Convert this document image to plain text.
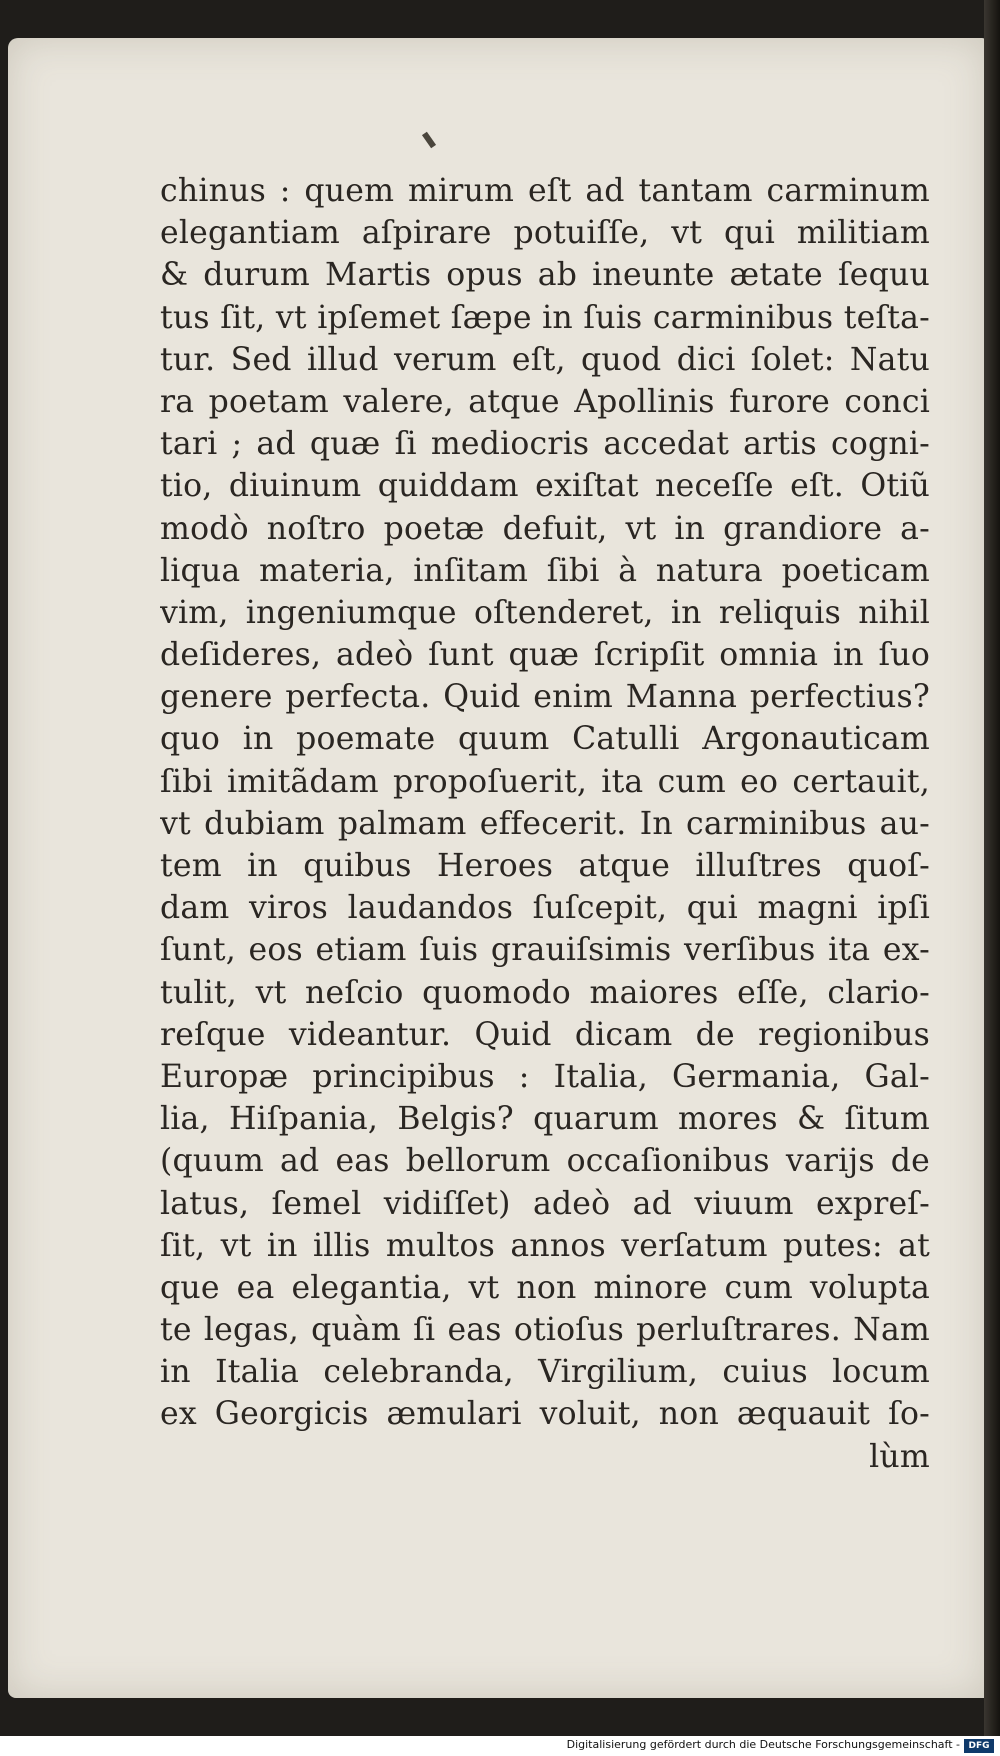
chinus : quem mirum eſt ad tantam carminum
elegantiam aſpirare potuiſſe, vt qui militiam
& durum Martis opus ab ineunte ætate ſequu
tus ſit, vt ipſemet ſæpe in ſuis carminibus teſta-
tur. Sed illud verum eſt, quod dici ſolet: Natu
ra poetam valere, atque Apollinis furore conci
tari ; ad quæ ſi mediocris accedat artis cogni-
tio, diuinum quiddam exiſtat neceſſe eſt. Otiũ
modò noſtro poetæ defuit, vt in grandiore a-
liqua materia, inſitam ſibi à natura poeticam
vim, ingeniumque oſtenderet, in reliquis nihil
deſideres, adeò ſunt quæ ſcripſit omnia in ſuo
genere perfecta. Quid enim Manna perfectius?
quo in poemate quum Catulli Argonauticam
ſibi imitãdam propoſuerit, ita cum eo certauit,
vt dubiam palmam effecerit. In carminibus au-
tem in quibus Heroes atque illuſtres quoſ-
dam viros laudandos ſuſcepit, qui magni ipſi
ſunt, eos etiam ſuis grauiſsimis verſibus ita ex-
tulit, vt neſcio quomodo maiores eſſe, clario-
reſque videantur. Quid dicam de regionibus
Europæ principibus : Italia, Germania, Gal-
lia, Hiſpania, Belgis? quarum mores & ſitum
(quum ad eas bellorum occaſionibus varijs de
latus, ſemel vidiſſet) adeò ad viuum expreſ-
ſit, vt in illis multos annos verſatum putes: at
que ea elegantia, vt non minore cum volupta
te legas, quàm ſi eas otioſus perluſtrares. Nam
in Italia celebranda, Virgilium, cuius locum
ex Georgicis æmulari voluit, non æquauit ſo-
lùm
Digitalisierung gefördert durch die Deutsche Forschungsgemeinschaft - DFG
